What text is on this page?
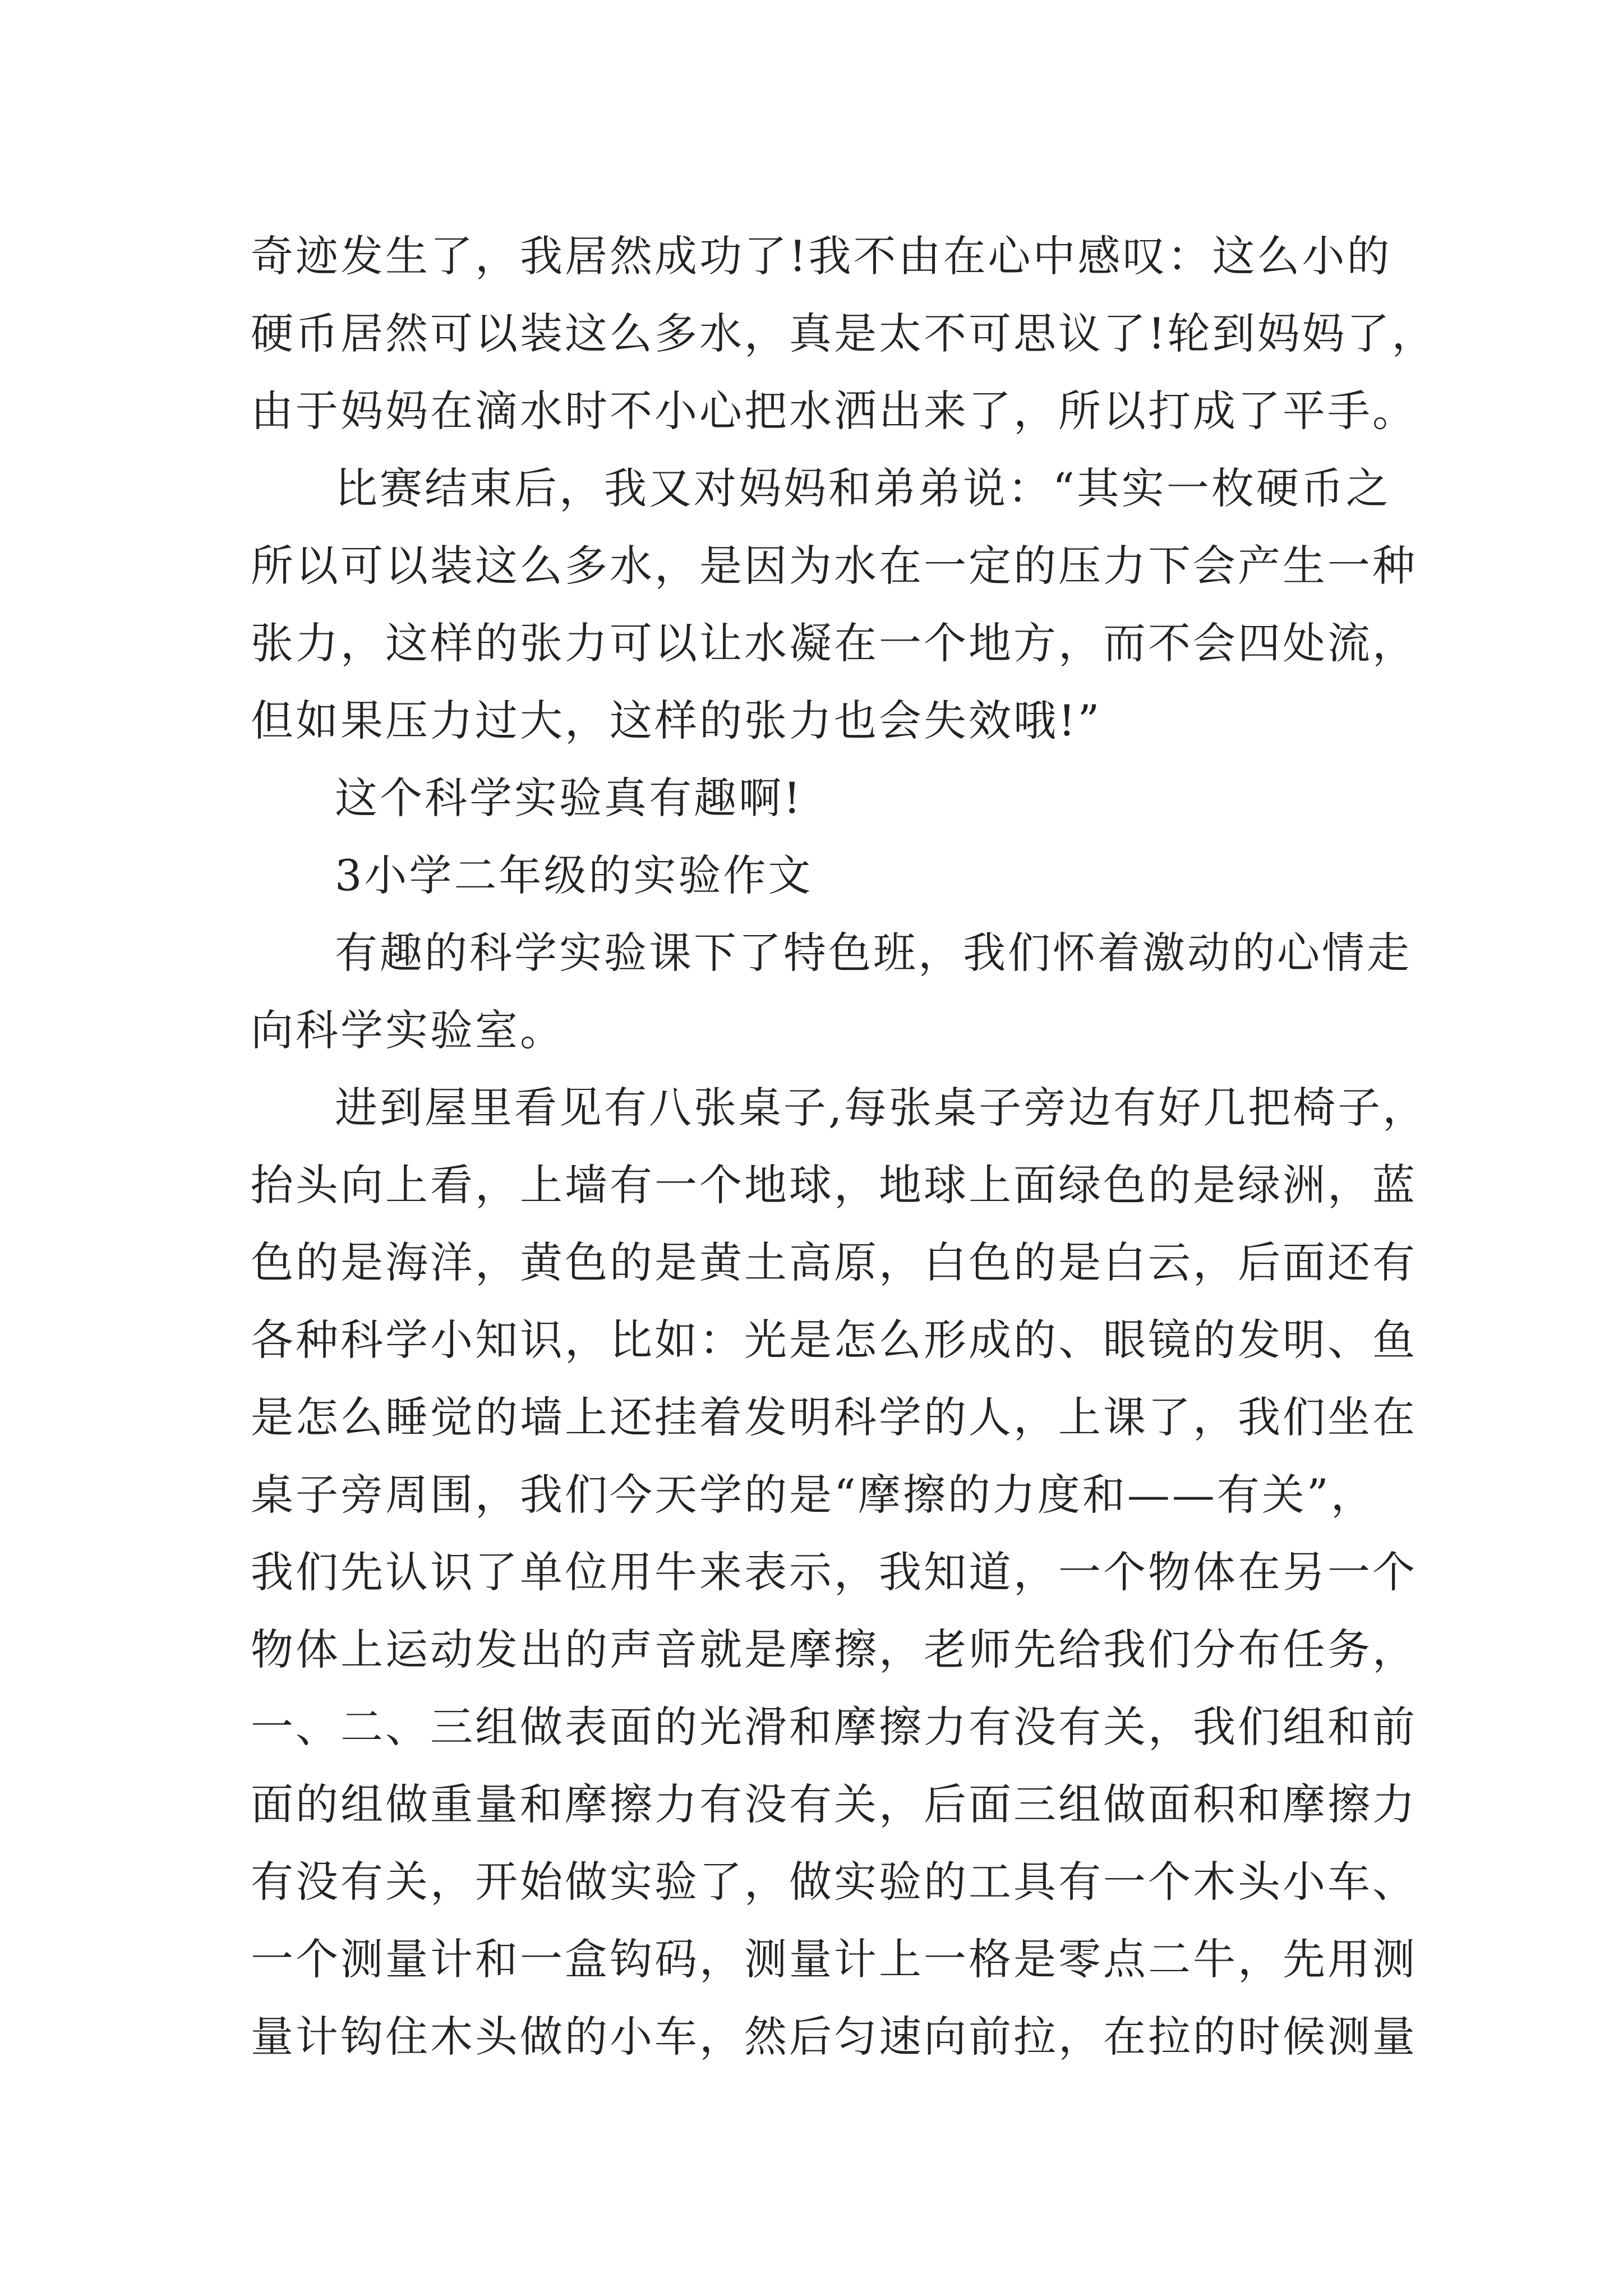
奇迹发生了，我居然成功了!我不由在心中感叹：这么小的
硬币居然可以装这么多水，真是太不可思议了!轮到妈妈了，
由于妈妈在滴水时不小心把水洒出来了，所以打成了平手。
比赛结束后，我又对妈妈和弟弟说：“其实一枚硬币之
所以可以装这么多水，是因为水在一定的压力下会产生一种
张力，这样的张力可以让水凝在一个地方，而不会四处流，
但如果压力过大，这样的张力也会失效哦!”
这个科学实验真有趣啊!
3小学二年级的实验作文
有趣的科学实验课下了特色班，我们怀着激动的心情走
向科学实验室。
进到屋里看见有八张桌子,每张桌子旁边有好几把椅子，
抬头向上看，上墙有一个地球，地球上面绿色的是绿洲，蓝
色的是海洋，黄色的是黄土高原，白色的是白云，后面还有
各种科学小知识，比如：光是怎么形成的、眼镜的发明、鱼
是怎么睡觉的墙上还挂着发明科学的人，上课了，我们坐在
桌子旁周围，我们今天学的是“摩擦的力度和——有关”，
我们先认识了单位用牛来表示，我知道，一个物体在另一个
物体上运动发出的声音就是摩擦，老师先给我们分布任务，
一、二、三组做表面的光滑和摩擦力有没有关，我们组和前
面的组做重量和摩擦力有没有关，后面三组做面积和摩擦力
有没有关，开始做实验了，做实验的工具有一个木头小车、
一个测量计和一盒钩码，测量计上一格是零点二牛，先用测
量计钩住木头做的小车，然后匀速向前拉，在拉的时候测量
